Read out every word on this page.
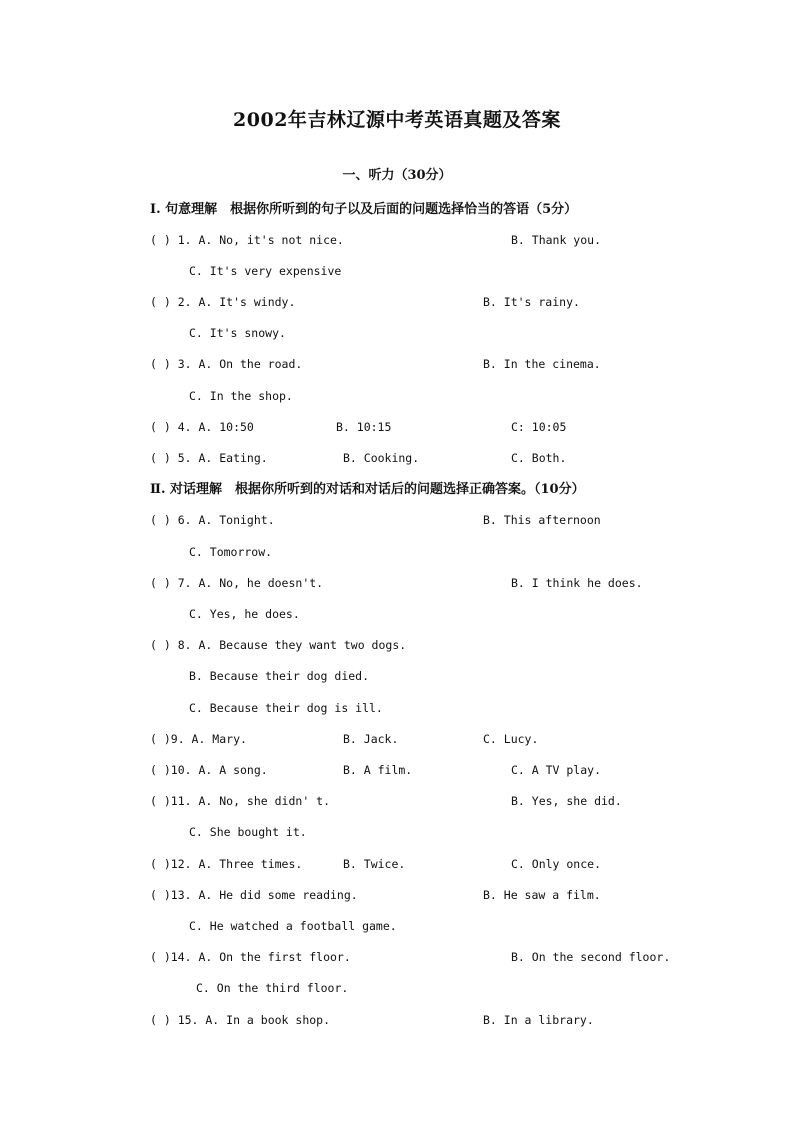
2002年吉林辽源中考英语真题及答案
一、听力（30分）
Ⅰ. 句意理解　根据你所听到的句子以及后面的问题选择恰当的答语（5分）
( ) 1. A. No, it's not nice.	B. Thank you.
C. It's very expensive
( ) 2. A. It's windy.	B. It's rainy.
C. It's snowy.
( ) 3. A. On the road.	B. In the cinema.
C. In the shop.
( ) 4. A. 10:50	B. 10:15	C: 10:05
( ) 5. A. Eating.	B. Cooking.	C. Both.
Ⅱ. 对话理解　根据你所听到的对话和对话后的问题选择正确答案。（10分）
( ) 6. A. Tonight.	B. This afternoon
C. Tomorrow.
( ) 7. A. No, he doesn't.	B. I think he does.
C. Yes, he does.
( ) 8. A. Because they want two dogs.
B. Because their dog died.
C. Because their dog is ill.
( )9. A. Mary.	B. Jack.	C. Lucy.
( )10. A. A song.	B. A film.	C. A TV play.
( )11. A. No, she didn' t.	B. Yes, she did.
C. She bought it.
( )12. A. Three times.	B. Twice.	C. Only once.
( )13. A. He did some reading.	B. He saw a film.
C. He watched a football game.
( )14. A. On the first floor.	B. On the second floor.
C. On the third floor.
( ) 15. A. In a book shop.	B. In a library.
